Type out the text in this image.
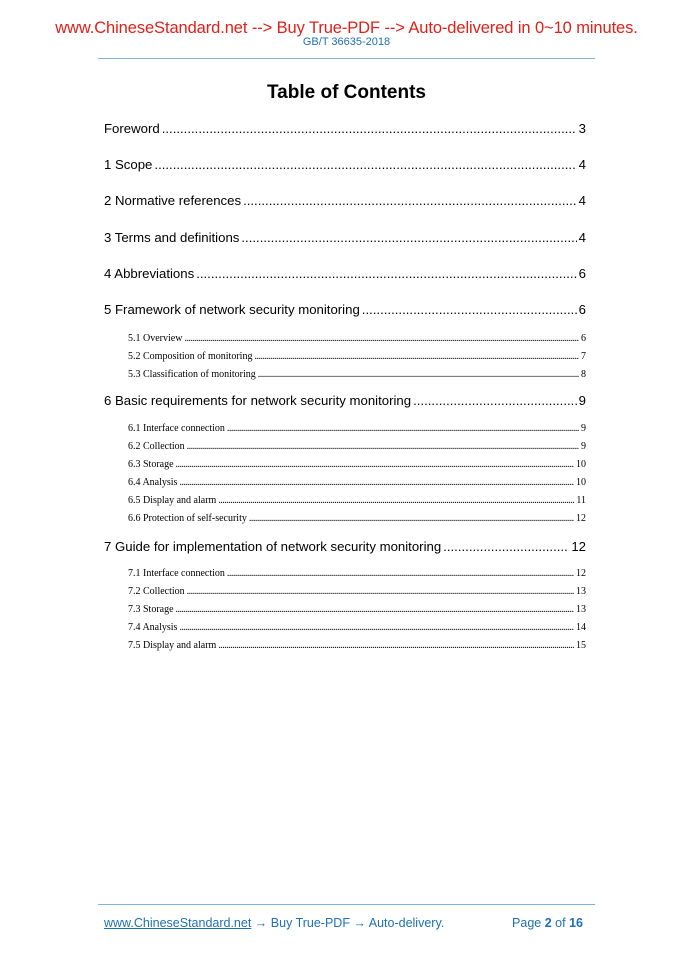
www.ChineseStandard.net --> Buy True-PDF --> Auto-delivered in 0~10 minutes.
GB/T 36635-2018
Table of Contents
Foreword .....	3
1 Scope .....	4
2 Normative references .....	4
3 Terms and definitions .....	4
4 Abbreviations .....	6
5 Framework of network security monitoring .....	6
5.1 Overview .....	6
5.2 Composition of monitoring .....	7
5.3 Classification of monitoring .....	8
6 Basic requirements for network security monitoring .....	9
6.1 Interface connection .....	9
6.2 Collection .....	9
6.3 Storage .....	10
6.4 Analysis .....	10
6.5 Display and alarm .....	11
6.6 Protection of self-security .....	12
7 Guide for implementation of network security monitoring .....	12
7.1 Interface connection .....	12
7.2 Collection .....	13
7.3 Storage .....	13
7.4 Analysis .....	14
7.5 Display and alarm .....	15
www.ChineseStandard.net → Buy True-PDF → Auto-delivery.	Page 2 of 16
